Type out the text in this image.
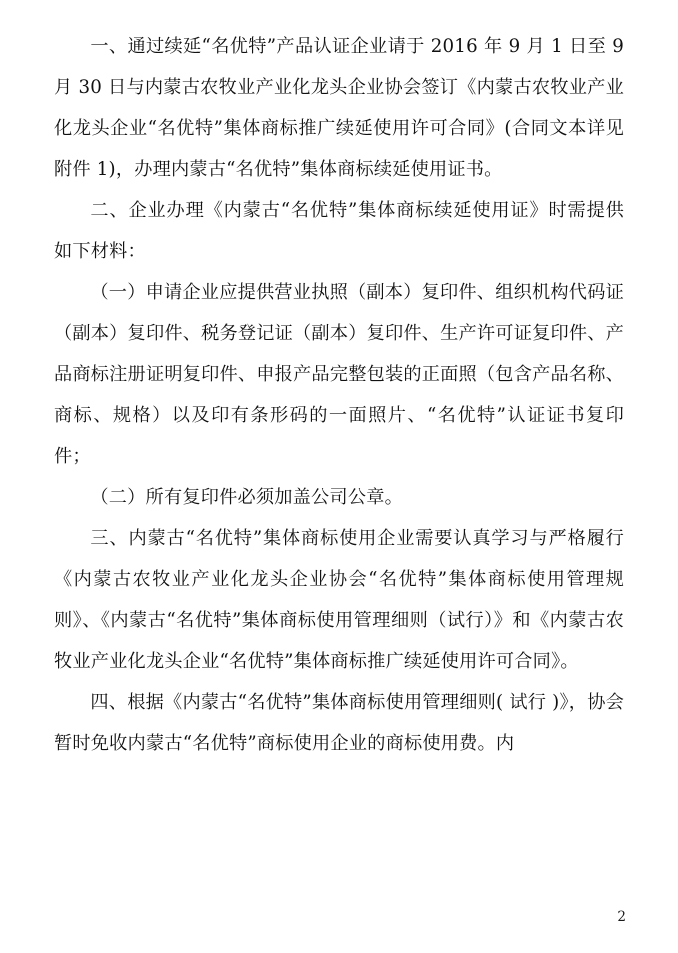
一、通过续延“名优特”产品认证企业请于 2016 年 9 月 1 日至 9 月 30 日与内蒙古农牧业产业化龙头企业协会签订《内蒙古农牧业产业化龙头企业“名优特”集体商标推广续延使用许可合同》(合同文本详见附件 1)，办理内蒙古“名优特”集体商标续延使用证书。

二、企业办理《内蒙古“名优特”集体商标续延使用证》时需提供如下材料：

（一）申请企业应提供营业执照（副本）复印件、组织机构代码证（副本）复印件、税务登记证（副本）复印件、生产许可证复印件、产品商标注册证明复印件、申报产品完整包装的正面照（包含产品名称、商标、规格）以及印有条形码的一面照片、“名优特”认证证书复印件；

（二）所有复印件必须加盖公司公章。

三、内蒙古“名优特”集体商标使用企业需要认真学习与严格履行《内蒙古农牧业产业化龙头企业协会“名优特”集体商标使用管理规则》、《内蒙古“名优特”集体商标使用管理细则（试行）》和《内蒙古农牧业产业化龙头企业“名优特”集体商标推广续延使用许可合同》。

四、根据《内蒙古“名优特”集体商标使用管理细则( 试行 )》，协会暂时免收内蒙古“名优特”商标使用企业的商标使用费。内

2
